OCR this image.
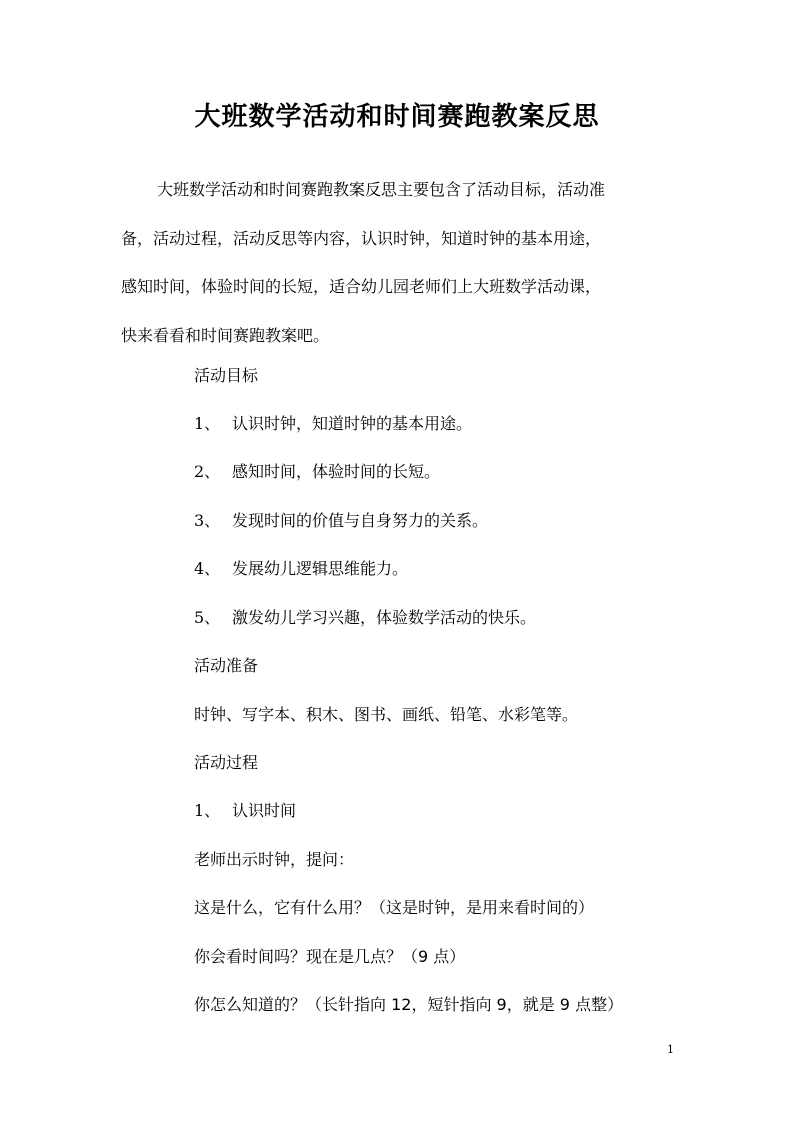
大班数学活动和时间赛跑教案反思
大班数学活动和时间赛跑教案反思主要包含了活动目标，活动准
备，活动过程，活动反思等内容，认识时钟，知道时钟的基本用途，
感知时间，体验时间的长短，适合幼儿园老师们上大班数学活动课，
快来看看和时间赛跑教案吧。
活动目标
1、 认识时钟，知道时钟的基本用途。
2、 感知时间，体验时间的长短。
3、 发现时间的价值与自身努力的关系。
4、 发展幼儿逻辑思维能力。
5、 激发幼儿学习兴趣，体验数学活动的快乐。
活动准备
时钟、写字本、积木、图书、画纸、铅笔、水彩笔等。
活动过程
1、 认识时间
老师出示时钟，提问：
这是什么，它有什么用？（这是时钟，是用来看时间的）
你会看时间吗？现在是几点？（9 点）
你怎么知道的？（长针指向 12，短针指向 9，就是 9 点整）
1
